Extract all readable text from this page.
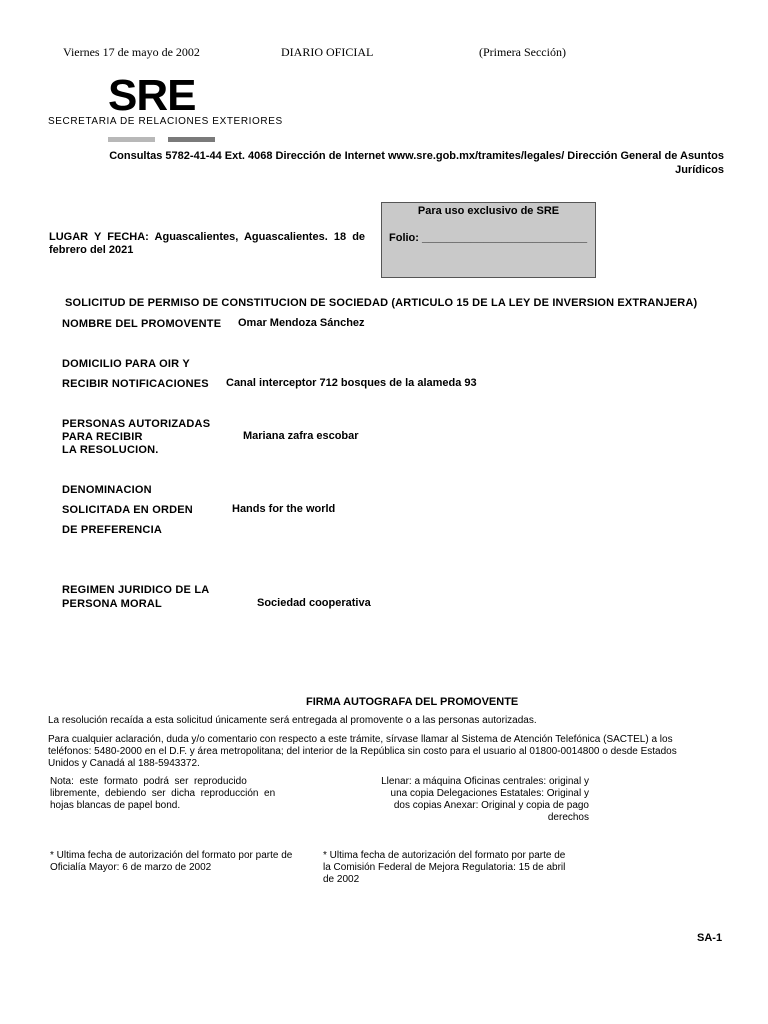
Viernes 17 de mayo de 2002	DIARIO OFICIAL	(Primera Sección)
SRE
SECRETARIA DE RELACIONES EXTERIORES
Consultas 5782-41-44 Ext. 4068 Dirección de Internet www.sre.gob.mx/tramites/legales/ Dirección General de Asuntos
Jurídicos
LUGAR  Y  FECHA:  Aguascalientes,  Aguascalientes.  18  de
febrero del 2021
Para uso exclusivo de SRE
Folio: ___________________________
SOLICITUD DE PERMISO DE CONSTITUCION DE SOCIEDAD (ARTICULO 15 DE LA LEY DE INVERSION EXTRANJERA)
NOMBRE DEL PROMOVENTE Omar Mendoza Sánchez
DOMICILIO PARA OIR Y
RECIBIR NOTIFICACIONES Canal interceptor 712 bosques de la alameda 93
PERSONAS AUTORIZADAS
PARA RECIBIR
LA RESOLUCION.
Mariana zafra escobar
DENOMINACION
SOLICITADA EN ORDEN
DE PREFERENCIA
Hands for the world
REGIMEN JURIDICO DE LA
PERSONA MORAL	Sociedad cooperativa
FIRMA AUTOGRAFA DEL PROMOVENTE
La resolución recaída a esta solicitud únicamente será entregada al promovente o a las personas autorizadas.
Para cualquier aclaración, duda y/o comentario con respecto a este trámite, sírvase llamar al Sistema de Atención Telefónica (SACTEL) a los
teléfonos: 5480-2000 en el D.F. y área metropolitana; del interior de la República sin costo para el usuario al 01800-0014800 o desde Estados
Unidos y Canadá al 188-5943372.
Nota:  este  formato  podrá  ser  reproducido
libremente,  debiendo  ser  dicha  reproducción  en
hojas blancas de papel bond.
Llenar: a máquina Oficinas centrales: original y
una copia Delegaciones Estatales: Original y
dos copias Anexar: Original y copia de pago
derechos
* Ultima fecha de autorización del formato por parte de
Oficialía Mayor: 6 de marzo de 2002
* Ultima fecha de autorización del formato por parte de
la Comisión Federal de Mejora Regulatoria: 15 de abril
de 2002
SA-1
